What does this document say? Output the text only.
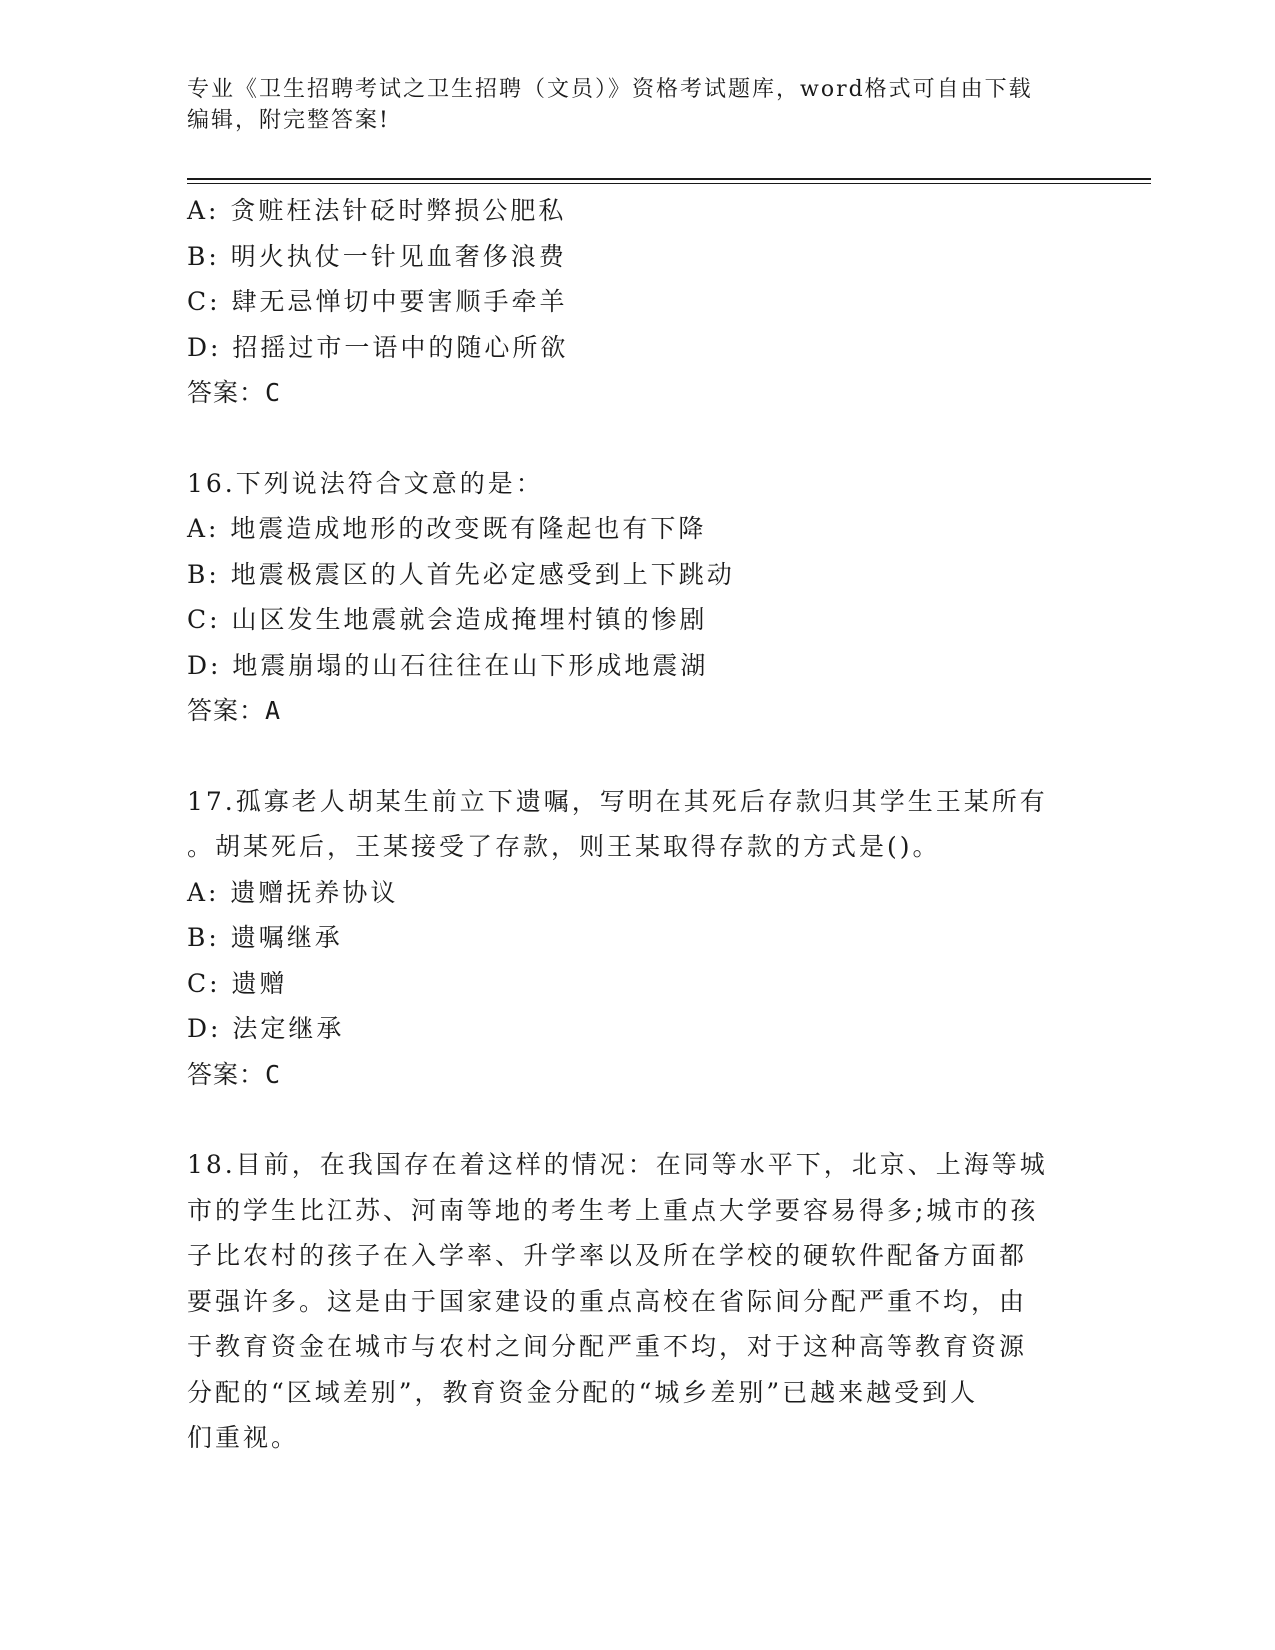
专业《卫生招聘考试之卫生招聘（文员）》资格考试题库，word格式可自由下载
编辑，附完整答案!
A: 贪赃枉法针砭时弊损公肥私
B: 明火执仗一针见血奢侈浪费
C: 肆无忌惮切中要害顺手牵羊
D: 招摇过市一语中的随心所欲
答案：C
16.下列说法符合文意的是：
A: 地震造成地形的改变既有隆起也有下降
B: 地震极震区的人首先必定感受到上下跳动
C: 山区发生地震就会造成掩埋村镇的惨剧
D: 地震崩塌的山石往往在山下形成地震湖
答案：A
17.孤寡老人胡某生前立下遗嘱，写明在其死后存款归其学生王某所有
。胡某死后，王某接受了存款，则王某取得存款的方式是()。
A: 遗赠抚养协议
B: 遗嘱继承
C: 遗赠
D: 法定继承
答案：C
18.目前，在我国存在着这样的情况：在同等水平下，北京、上海等城
市的学生比江苏、河南等地的考生考上重点大学要容易得多;城市的孩
子比农村的孩子在入学率、升学率以及所在学校的硬软件配备方面都
要强许多。这是由于国家建设的重点高校在省际间分配严重不均，由
于教育资金在城市与农村之间分配严重不均，对于这种高等教育资源
分配的“区域差别”，教育资金分配的“城乡差别”已越来越受到人
们重视。
